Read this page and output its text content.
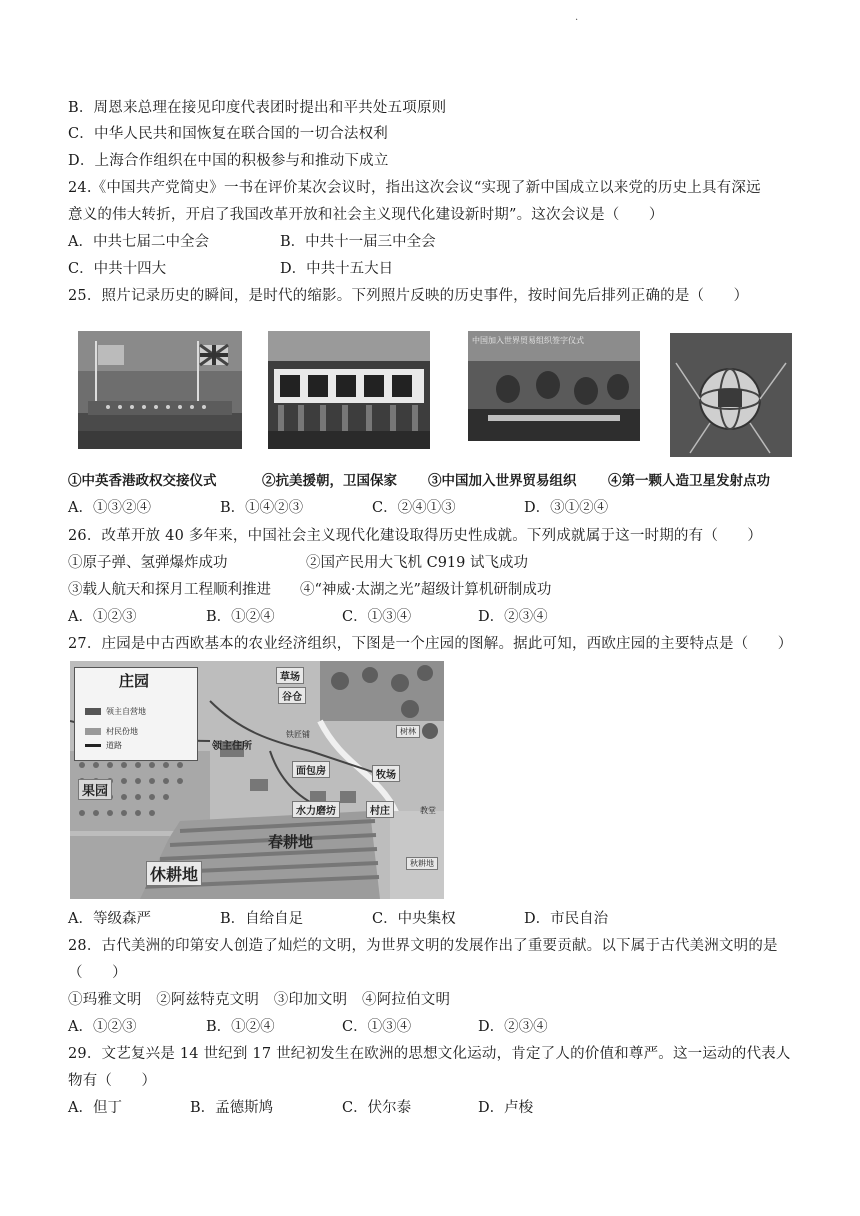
.
B．周恩来总理在接见印度代表团时提出和平共处五项原则
C．中华人民共和国恢复在联合国的一切合法权利
D．上海合作组织在中国的积极参与和推动下成立
24.《中国共产党简史》一书在评价某次会议时，指出这次会议“实现了新中国成立以来党的历史上具有深远
意义的伟大转折，开启了我国改革开放和社会主义现代化建设新时期”。这次会议是（　　）
A．中共七届二中全会	B．中共十一届三中全会
C．中共十四大	D．中共十五大日
25．照片记录历史的瞬间，是时代的缩影。下列照片反映的历史事件，按时间先后排列正确的是（　　）
中国加入世界贸易组织签字仪式
①中英香港政权交接仪式	②抗美援朝，卫国保家 ③中国加入世界贸易组织 ④第一颗人造卫星发射点功
A．①③②④	B．①④②③	C．②④①③	D．③①②④
26．改革开放 40 多年来，中国社会主义现代化建设取得历史性成就。下列成就属于这一时期的有（　　）
①原子弹、氢弹爆炸成功	②国产民用大飞机 C919 试飞成功
③载人航天和探月工程顺利推进 ④“神威·太湖之光”超级计算机研制成功
A．①②③	B．①②④	C．①③④	D．②③④
27．庄园是中古西欧基本的农业经济组织，下图是一个庄园的图解。据此可知，西欧庄园的主要特点是（　　）
庄园
领主自营地
村民份地
道路
草场
谷仓
树林
铁匠铺
领主住所
面包房	牧场
果园
水力磨坊	村庄	教堂
春耕地
休耕地
秋耕地
A．等级森严	B．自给自足	C．中央集权	D．市民自治
28．古代美洲的印第安人创造了灿烂的文明，为世界文明的发展作出了重要贡献。以下属于古代美洲文明的是
（　　）
①玛雅文明　②阿兹特克文明　③印加文明　④阿拉伯文明
A．①②③	B．①②④	C．①③④	D．②③④
29．文艺复兴是 14 世纪到 17 世纪初发生在欧洲的思想文化运动，肯定了人的价值和尊严。这一运动的代表人
物有（　　）
A．但丁	B．孟德斯鸠	C．伏尔泰	D．卢梭
